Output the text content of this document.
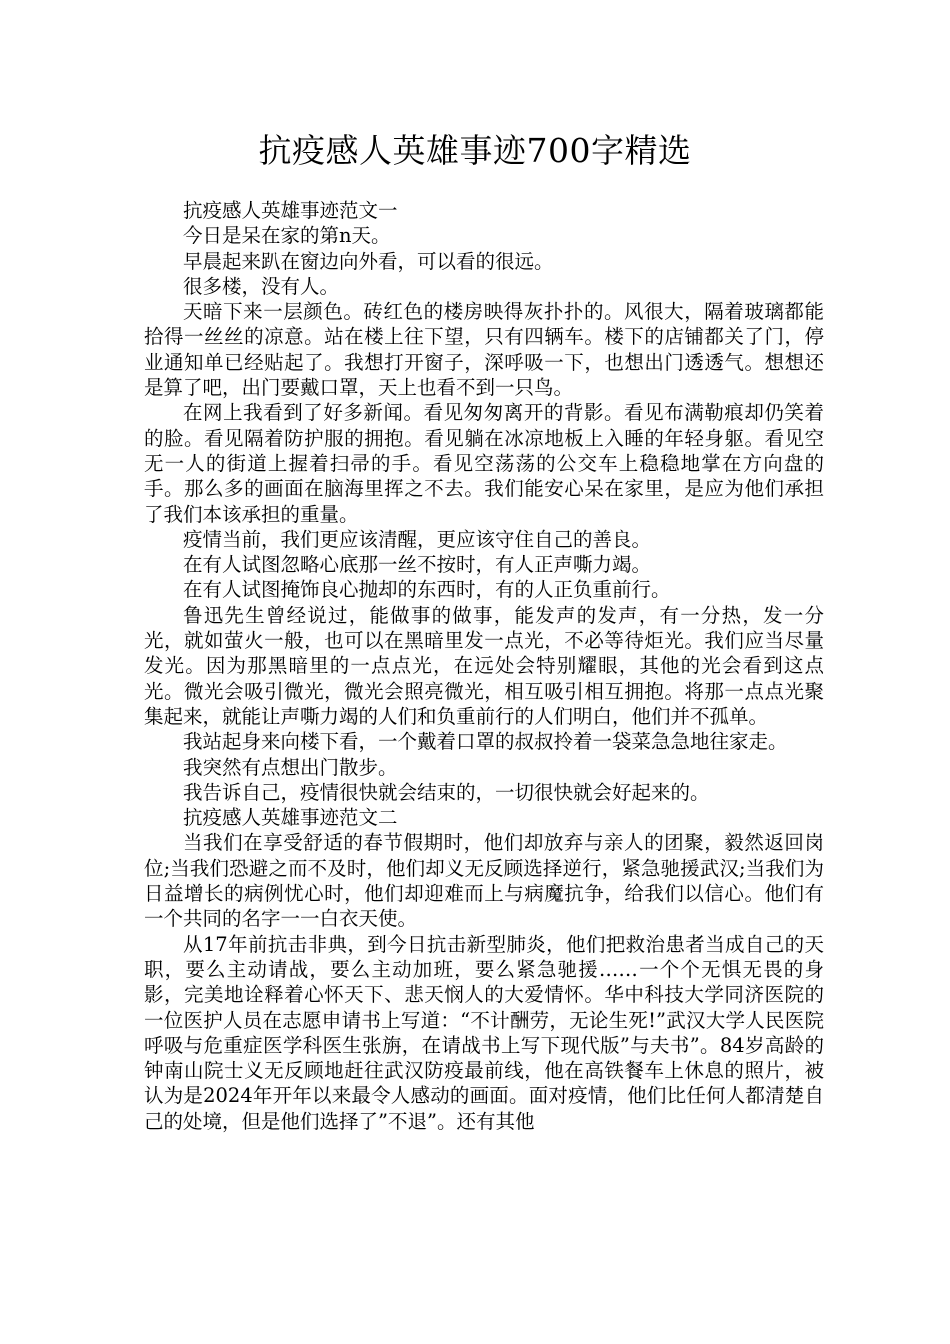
抗疫感人英雄事迹700字精选

抗疫感人英雄事迹范文一

今日是呆在家的第n天。

早晨起来趴在窗边向外看，可以看的很远。

很多楼，没有人。

天暗下来一层颜色。砖红色的楼房映得灰扑扑的。风很大，隔着玻璃都能拾得一丝丝的凉意。站在楼上往下望，只有四辆车。楼下的店铺都关了门，停业通知单已经贴起了。我想打开窗子，深呼吸一下，也想出门透透气。想想还是算了吧，出门要戴口罩，天上也看不到一只鸟。

在网上我看到了好多新闻。看见匆匆离开的背影。看见布满勒痕却仍笑着的脸。看见隔着防护服的拥抱。看见躺在冰凉地板上入睡的年轻身躯。看见空无一人的街道上握着扫帚的手。看见空荡荡的公交车上稳稳地掌在方向盘的手。那么多的画面在脑海里挥之不去。我们能安心呆在家里，是应为他们承担了我们本该承担的重量。

疫情当前，我们更应该清醒，更应该守住自己的善良。

在有人试图忽略心底那一丝不按时，有人正声嘶力竭。

在有人试图掩饰良心抛却的东西时，有的人正负重前行。

鲁迅先生曾经说过，能做事的做事，能发声的发声，有一分热，发一分光，就如萤火一般，也可以在黑暗里发一点光，不必等待炬光。我们应当尽量发光。因为那黑暗里的一点点光，在远处会特别耀眼，其他的光会看到这点光。微光会吸引微光，微光会照亮微光，相互吸引相互拥抱。将那一点点光聚集起来，就能让声嘶力竭的人们和负重前行的人们明白，他们并不孤单。

我站起身来向楼下看，一个戴着口罩的叔叔拎着一袋菜急急地往家走。

我突然有点想出门散步。

我告诉自己，疫情很快就会结束的，一切很快就会好起来的。

抗疫感人英雄事迹范文二

当我们在享受舒适的春节假期时，他们却放弃与亲人的团聚，毅然返回岗位;当我们恐避之而不及时，他们却义无反顾选择逆行，紧急驰援武汉;当我们为日益增长的病例忧心时，他们却迎难而上与病魔抗争，给我们以信心。他们有一个共同的名字一一白衣天使。

从17年前抗击非典，到今日抗击新型肺炎，他们把救治患者当成自己的天职，要么主动请战，要么主动加班，要么紧急驰援……一个个无惧无畏的身影，完美地诠释着心怀天下、悲天悯人的大爱情怀。华中科技大学同济医院的一位医护人员在志愿申请书上写道：“不计酬劳，无论生死!”武汉大学人民医院呼吸与危重症医学科医生张旃，在请战书上写下现代版”与夫书”。84岁高龄的钟南山院士义无反顾地赶往武汉防疫最前线，他在高铁餐车上休息的照片，被认为是2024年开年以来最令人感动的画面。面对疫情，他们比任何人都清楚自己的处境，但是他们选择了”不退”。还有其他
